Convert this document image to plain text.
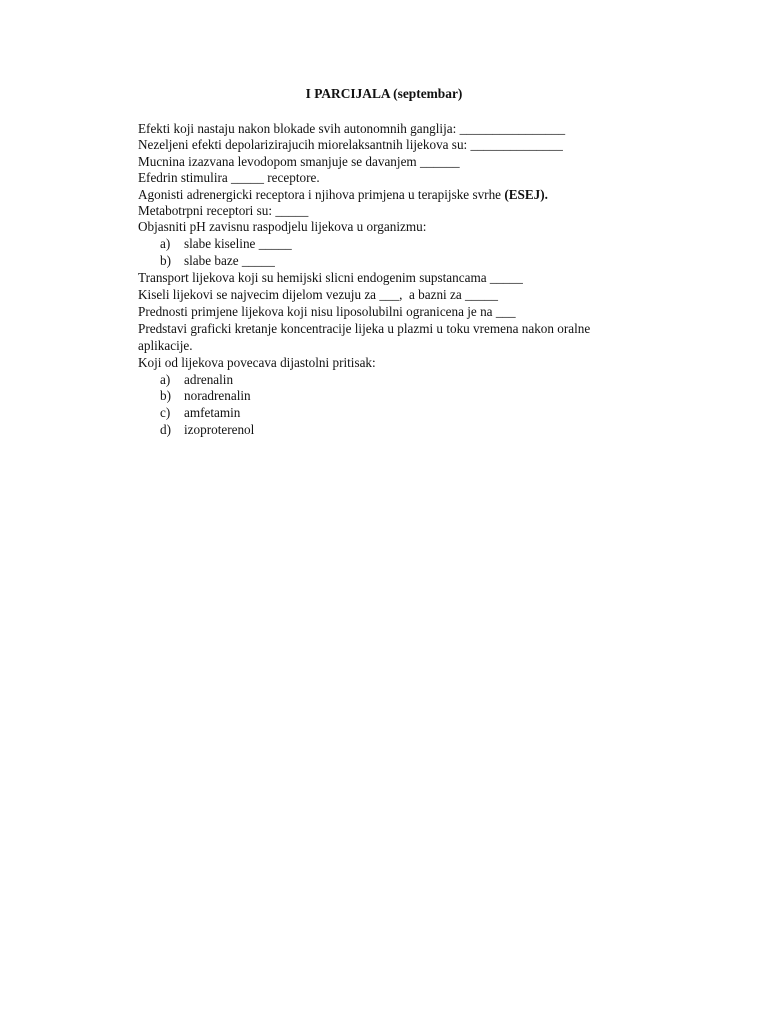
I PARCIJALA (septembar)
Efekti koji nastaju nakon blokade svih autonomnih ganglija: ________________
Nezeljeni efekti depolarizirajucih miorelaksantnih lijekova su: ______________
Mucnina izazvana levodopom smanjuje se davanjem ______
Efedrin stimulira _____ receptore.
Agonisti adrenergicki receptora i njihova primjena u terapijske svrhe (ESEJ).
Metabotrpni receptori su: _____
Objasniti pH zavisnu raspodjelu lijekova u organizmu:
a) slabe kiseline _____
b) slabe baze _____
Transport lijekova koji su hemijski slicni endogenim supstancama _____
Kiseli lijekovi se najvecim dijelom vezuju za ___,  a bazni za _____
Prednosti primjene lijekova koji nisu liposolubilni ogranicena je na ___
Predstavi graficki kretanje koncentracije lijeka u plazmi u toku vremena nakon oralne
aplikacije.
Koji od lijekova povecava dijastolni pritisak:
a) adrenalin
b) noradrenalin
c) amfetamin
d) izoproterenol
